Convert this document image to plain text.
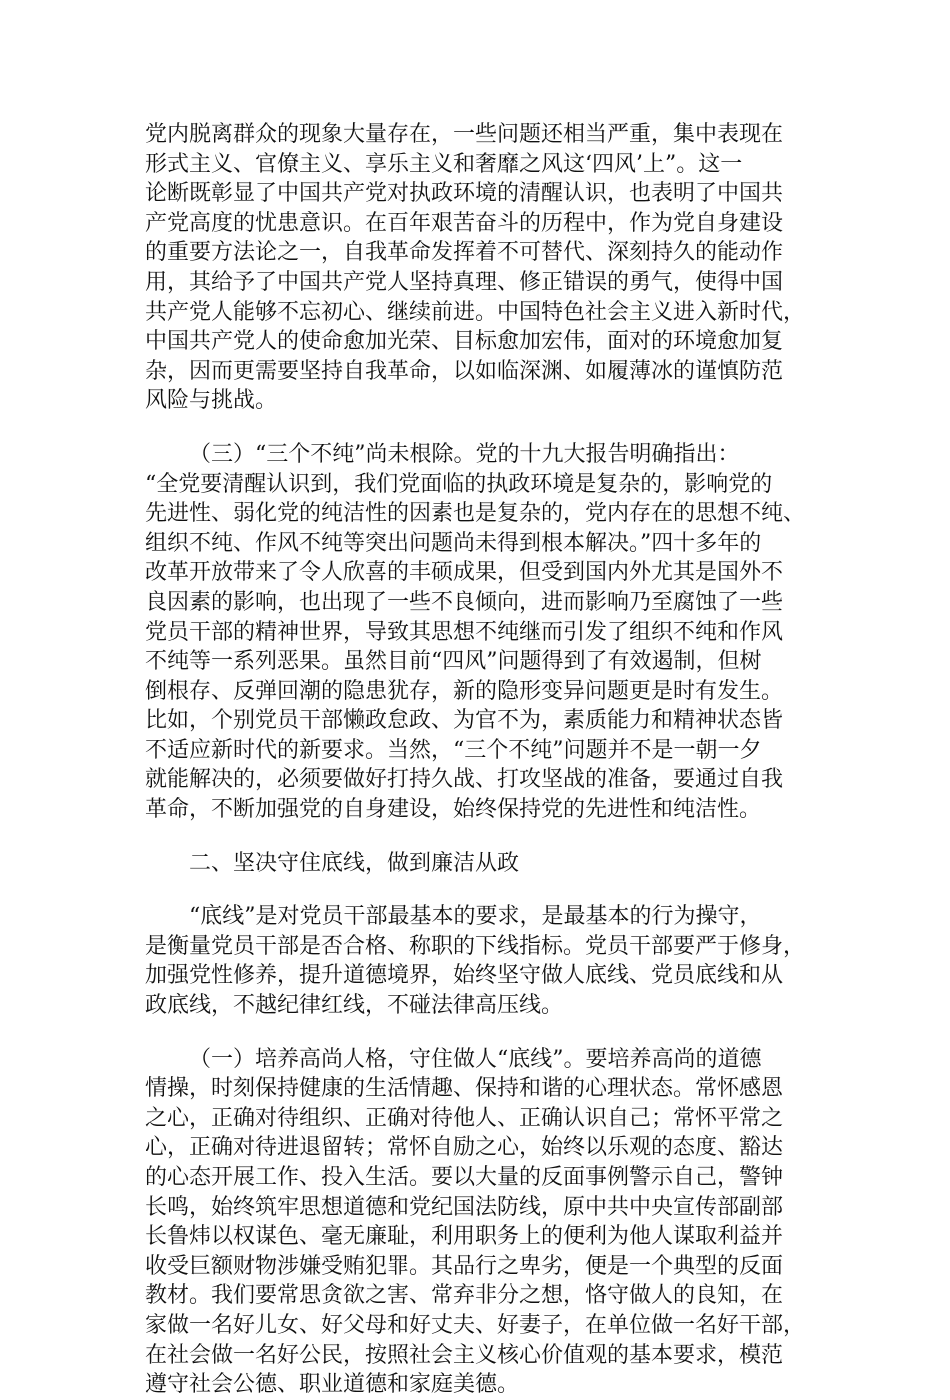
党内脱离群众的现象大量存在，一些问题还相当严重，集中表现在
形式主义、官僚主义、享乐主义和奢靡之风这‘四风’上”。这一
论断既彰显了中国共产党对执政环境的清醒认识，也表明了中国共
产党高度的忧患意识。在百年艰苦奋斗的历程中，作为党自身建设
的重要方法论之一，自我革命发挥着不可替代、深刻持久的能动作
用，其给予了中国共产党人坚持真理、修正错误的勇气，使得中国
共产党人能够不忘初心、继续前进。中国特色社会主义进入新时代，
中国共产党人的使命愈加光荣、目标愈加宏伟，面对的环境愈加复
杂，因而更需要坚持自我革命，以如临深渊、如履薄冰的谨慎防范
风险与挑战。

（三）“三个不纯”尚未根除。党的十九大报告明确指出：
“全党要清醒认识到，我们党面临的执政环境是复杂的，影响党的
先进性、弱化党的纯洁性的因素也是复杂的，党内存在的思想不纯、
组织不纯、作风不纯等突出问题尚未得到根本解决。”四十多年的
改革开放带来了令人欣喜的丰硕成果，但受到国内外尤其是国外不
良因素的影响，也出现了一些不良倾向，进而影响乃至腐蚀了一些
党员干部的精神世界，导致其思想不纯继而引发了组织不纯和作风
不纯等一系列恶果。虽然目前“四风”问题得到了有效遏制，但树
倒根存、反弹回潮的隐患犹存，新的隐形变异问题更是时有发生。
比如，个别党员干部懒政怠政、为官不为，素质能力和精神状态皆
不适应新时代的新要求。当然，“三个不纯”问题并不是一朝一夕
就能解决的，必须要做好打持久战、打攻坚战的准备，要通过自我
革命，不断加强党的自身建设，始终保持党的先进性和纯洁性。

二、坚决守住底线，做到廉洁从政

“底线”是对党员干部最基本的要求，是最基本的行为操守，
是衡量党员干部是否合格、称职的下线指标。党员干部要严于修身，
加强党性修养，提升道德境界，始终坚守做人底线、党员底线和从
政底线，不越纪律红线，不碰法律高压线。

（一）培养高尚人格，守住做人“底线”。要培养高尚的道德
情操，时刻保持健康的生活情趣、保持和谐的心理状态。常怀感恩
之心，正确对待组织、正确对待他人、正确认识自己；常怀平常之
心，正确对待进退留转；常怀自励之心，始终以乐观的态度、豁达
的心态开展工作、投入生活。要以大量的反面事例警示自己，警钟
长鸣，始终筑牢思想道德和党纪国法防线，原中共中央宣传部副部
长鲁炜以权谋色、毫无廉耻，利用职务上的便利为他人谋取利益并
收受巨额财物涉嫌受贿犯罪。其品行之卑劣，便是一个典型的反面
教材。我们要常思贪欲之害、常弃非分之想，恪守做人的良知，在
家做一名好儿女、好父母和好丈夫、好妻子，在单位做一名好干部，
在社会做一名好公民，按照社会主义核心价值观的基本要求，模范
遵守社会公德、职业道德和家庭美德。
